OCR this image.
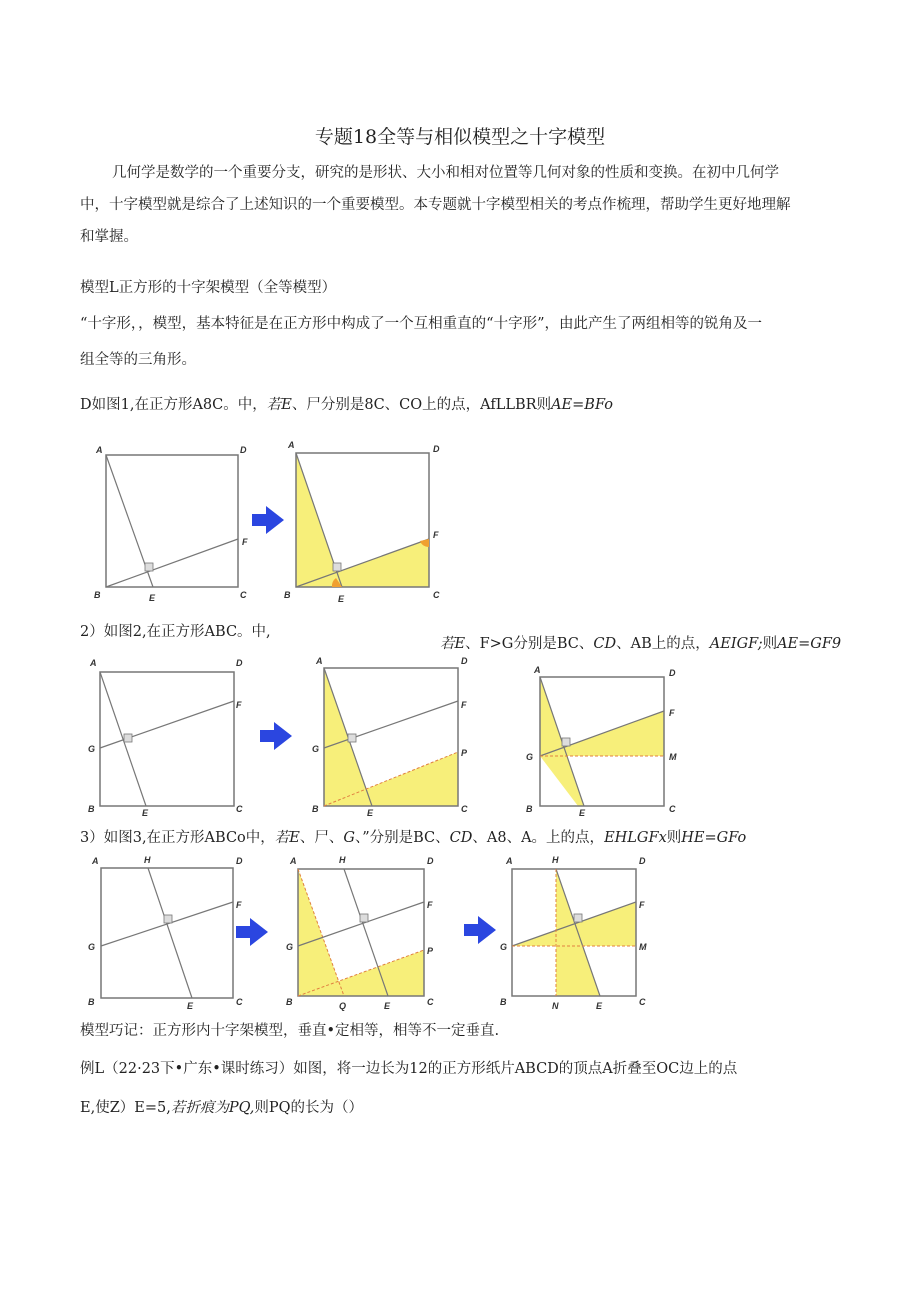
专题18全等与相似模型之十字模型
几何学是数学的一个重要分支，研究的是形状、大小和相对位置等几何对象的性质和变换。在初中几何学
中，十字模型就是综合了上述知识的一个重要模型。本专题就十字模型相关的考点作梳理，帮助学生更好地理解
和掌握。
模型L正方形的十字架模型（全等模型）
“十字形，，模型，基本特征是在正方形中构成了一个互相重直的“十字形”，由此产生了两组相等的锐角及一
组全等的三角形。
D如图1,在正方形A8C。中，若E、尸分别是8C、CO上的点，AfLLBR则AE=BFo
A	D
B	E	C
F
A	D
B	E	C
F
2）如图2,在正方形ABC。中,
若E、F>G分别是BC、CD、AB上的点，AEIGF;则AE=GF9
A	D
G
F
B	E	C
A	D
G
F
P
B	E	C
A	D
G
F
M
B	E	C
3）如图3,在正方形ABCo中，若E、尸、G、”分别是BC、CD、A8、A。上的点，EHLGFx则HE=GFo
A	H	D
G
F
B	E	C
A	H	D
G
F
P
B	Q	E	C
A	H	D
G
F
M
B	N	E	C
模型巧记：正方形内十字架模型，垂直•定相等，相等不一定垂直.
例L（22·23下•广东•课时练习）如图，将一边长为12的正方形纸片ABCD的顶点A折叠至OC边上的点
E,使Z）E=5,若折痕为PQ,则PQ的长为（）
